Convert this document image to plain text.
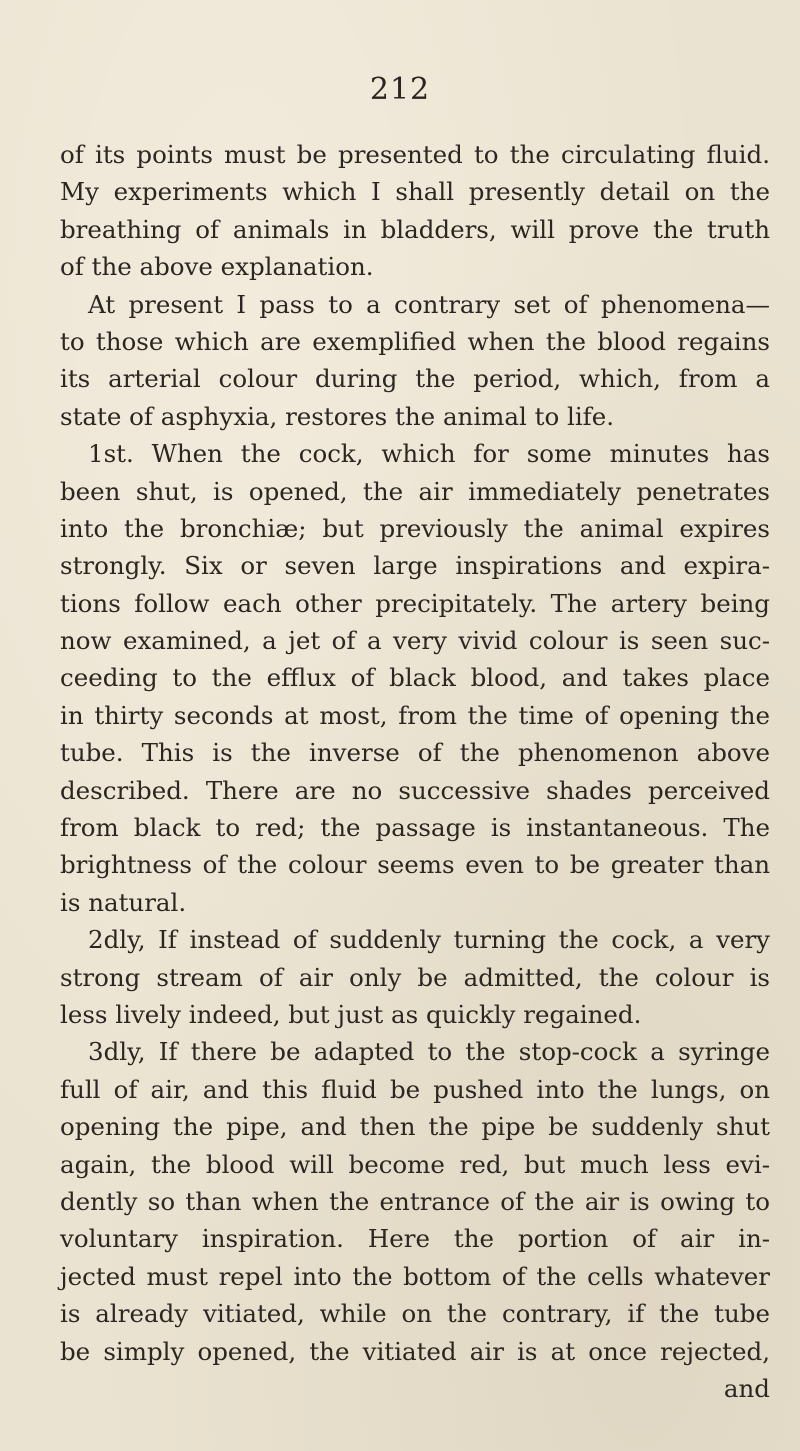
212
of its points must be presented to the circulating fluid.
My experiments which I shall presently detail on the
breathing of animals in bladders, will prove the truth
of the above explanation.
At present I pass to a contrary set of phenomena—
to those which are exemplified when the blood regains
its arterial colour during the period, which, from a
state of asphyxia, restores the animal to life.
1st. When the cock, which for some minutes has
been shut, is opened, the air immediately penetrates
into the bronchiæ; but previously the animal expires
strongly. Six or seven large inspirations and expira-
tions follow each other precipitately. The artery being
now examined, a jet of a very vivid colour is seen suc-
ceeding to the efflux of black blood, and takes place
in thirty seconds at most, from the time of opening the
tube. This is the inverse of the phenomenon above
described. There are no successive shades perceived
from black to red; the passage is instantaneous. The
brightness of the colour seems even to be greater than
is natural.
2dly, If instead of suddenly turning the cock, a very
strong stream of air only be admitted, the colour is
less lively indeed, but just as quickly regained.
3dly, If there be adapted to the stop-cock a syringe
full of air, and this fluid be pushed into the lungs, on
opening the pipe, and then the pipe be suddenly shut
again, the blood will become red, but much less evi-
dently so than when the entrance of the air is owing to
voluntary inspiration. Here the portion of air in-
jected must repel into the bottom of the cells whatever
is already vitiated, while on the contrary, if the tube
be simply opened, the vitiated air is at once rejected,
and
